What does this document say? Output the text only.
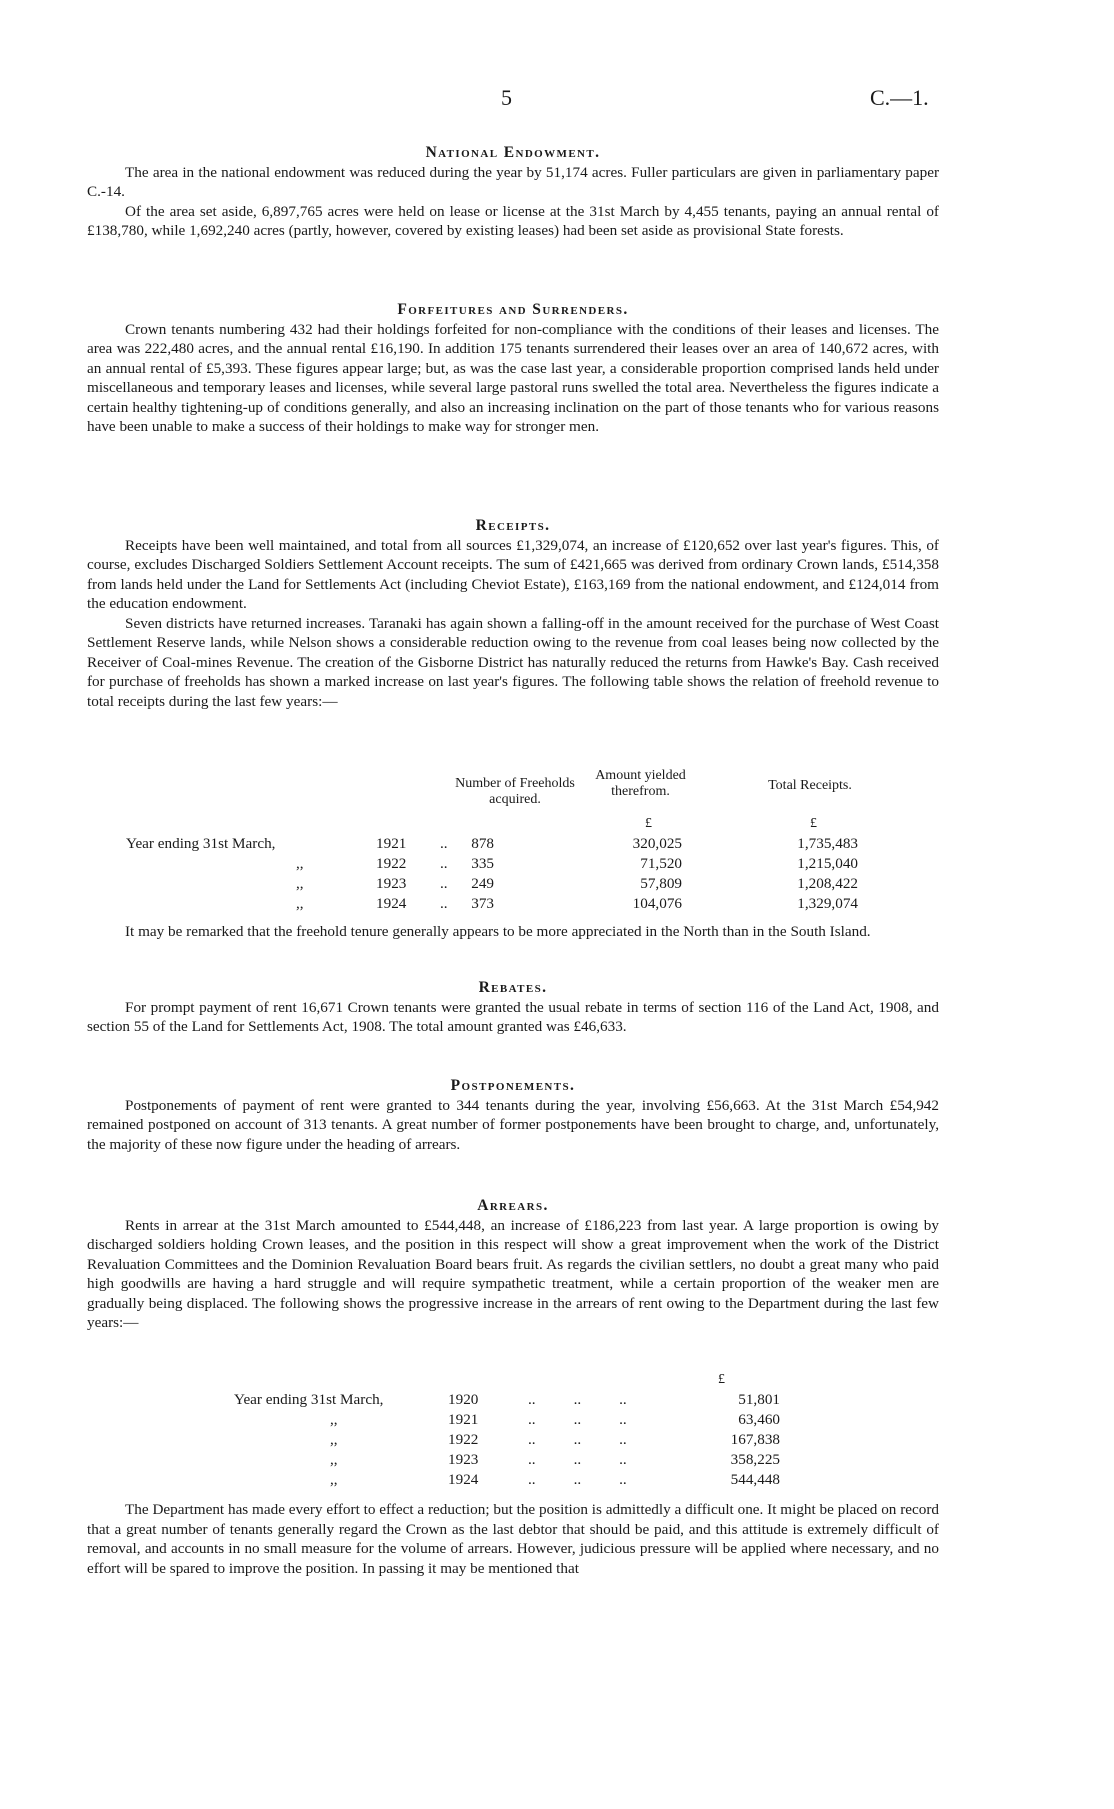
5	C.—1.
National Endowment.

The area in the national endowment was reduced during the year by 51,174 acres. Fuller particulars are given in parliamentary paper C.-14.

Of the area set aside, 6,897,765 acres were held on lease or license at the 31st March by 4,455 tenants, paying an annual rental of £138,780, while 1,692,240 acres (partly, however, covered by existing leases) had been set aside as provisional State forests.

Forfeitures and Surrenders.

Crown tenants numbering 432 had their holdings forfeited for non-compliance with the conditions of their leases and licenses. The area was 222,480 acres, and the annual rental £16,190. In addition 175 tenants surrendered their leases over an area of 140,672 acres, with an annual rental of £5,393. These figures appear large; but, as was the case last year, a considerable proportion comprised lands held under miscellaneous and temporary leases and licenses, while several large pastoral runs swelled the total area. Nevertheless the figures indicate a certain healthy tightening-up of conditions generally, and also an increasing inclination on the part of those tenants who for various reasons have been unable to make a success of their holdings to make way for stronger men.

Receipts.

Receipts have been well maintained, and total from all sources £1,329,074, an increase of £120,652 over last year's figures. This, of course, excludes Discharged Soldiers Settlement Account receipts. The sum of £421,665 was derived from ordinary Crown lands, £514,358 from lands held under the Land for Settlements Act (including Cheviot Estate), £163,169 from the national endowment, and £124,014 from the education endowment.

Seven districts have returned increases. Taranaki has again shown a falling-off in the amount received for the purchase of West Coast Settlement Reserve lands, while Nelson shows a considerable reduction owing to the revenue from coal leases being now collected by the Receiver of Coal-mines Revenue. The creation of the Gisborne District has naturally reduced the returns from Hawke's Bay. Cash received for purchase of freeholds has shown a marked increase on last year's figures. The following table shows the relation of freehold revenue to total receipts during the last few years:—

Number of Freeholds acquired.
Amount yielded therefrom.
£
Total Receipts.
£
Year ending 31st March,	1921 .. 878	320,025	1,735,483
,,	1922 .. 335	71,520	1,215,040
,,	1923 .. 249	57,809	1,208,422
,,	1924 .. 373	104,076	1,329,074

It may be remarked that the freehold tenure generally appears to be more appreciated in the North than in the South Island.

Rebates.

For prompt payment of rent 16,671 Crown tenants were granted the usual rebate in terms of section 116 of the Land Act, 1908, and section 55 of the Land for Settlements Act, 1908. The total amount granted was £46,633.

Postponements.

Postponements of payment of rent were granted to 344 tenants during the year, involving £56,663. At the 31st March £54,942 remained postponed on account of 313 tenants. A great number of former postponements have been brought to charge, and, unfortunately, the majority of these now figure under the heading of arrears.

Arrears.

Rents in arrear at the 31st March amounted to £544,448, an increase of £186,223 from last year. A large proportion is owing by discharged soldiers holding Crown leases, and the position in this respect will show a great improvement when the work of the District Revaluation Committees and the Dominion Revaluation Board bears fruit. As regards the civilian settlers, no doubt a great many who paid high goodwills are having a hard struggle and will require sympathetic treatment, while a certain proportion of the weaker men are gradually being displaced. The following shows the progressive increase in the arrears of rent owing to the Department during the last few years:—

£
Year ending 31st March,	1920	..          ..          ..	51,801
,,	1921	..          ..          ..	63,460
,,	1922	..          ..          ..	167,838
,,	1923	..          ..          ..	358,225
,,	1924	..          ..          ..	544,448

The Department has made every effort to effect a reduction; but the position is admittedly a difficult one. It might be placed on record that a great number of tenants generally regard the Crown as the last debtor that should be paid, and this attitude is extremely difficult of removal, and accounts in no small measure for the volume of arrears. However, judicious pressure will be applied where necessary, and no effort will be spared to improve the position. In passing it may be mentioned that
